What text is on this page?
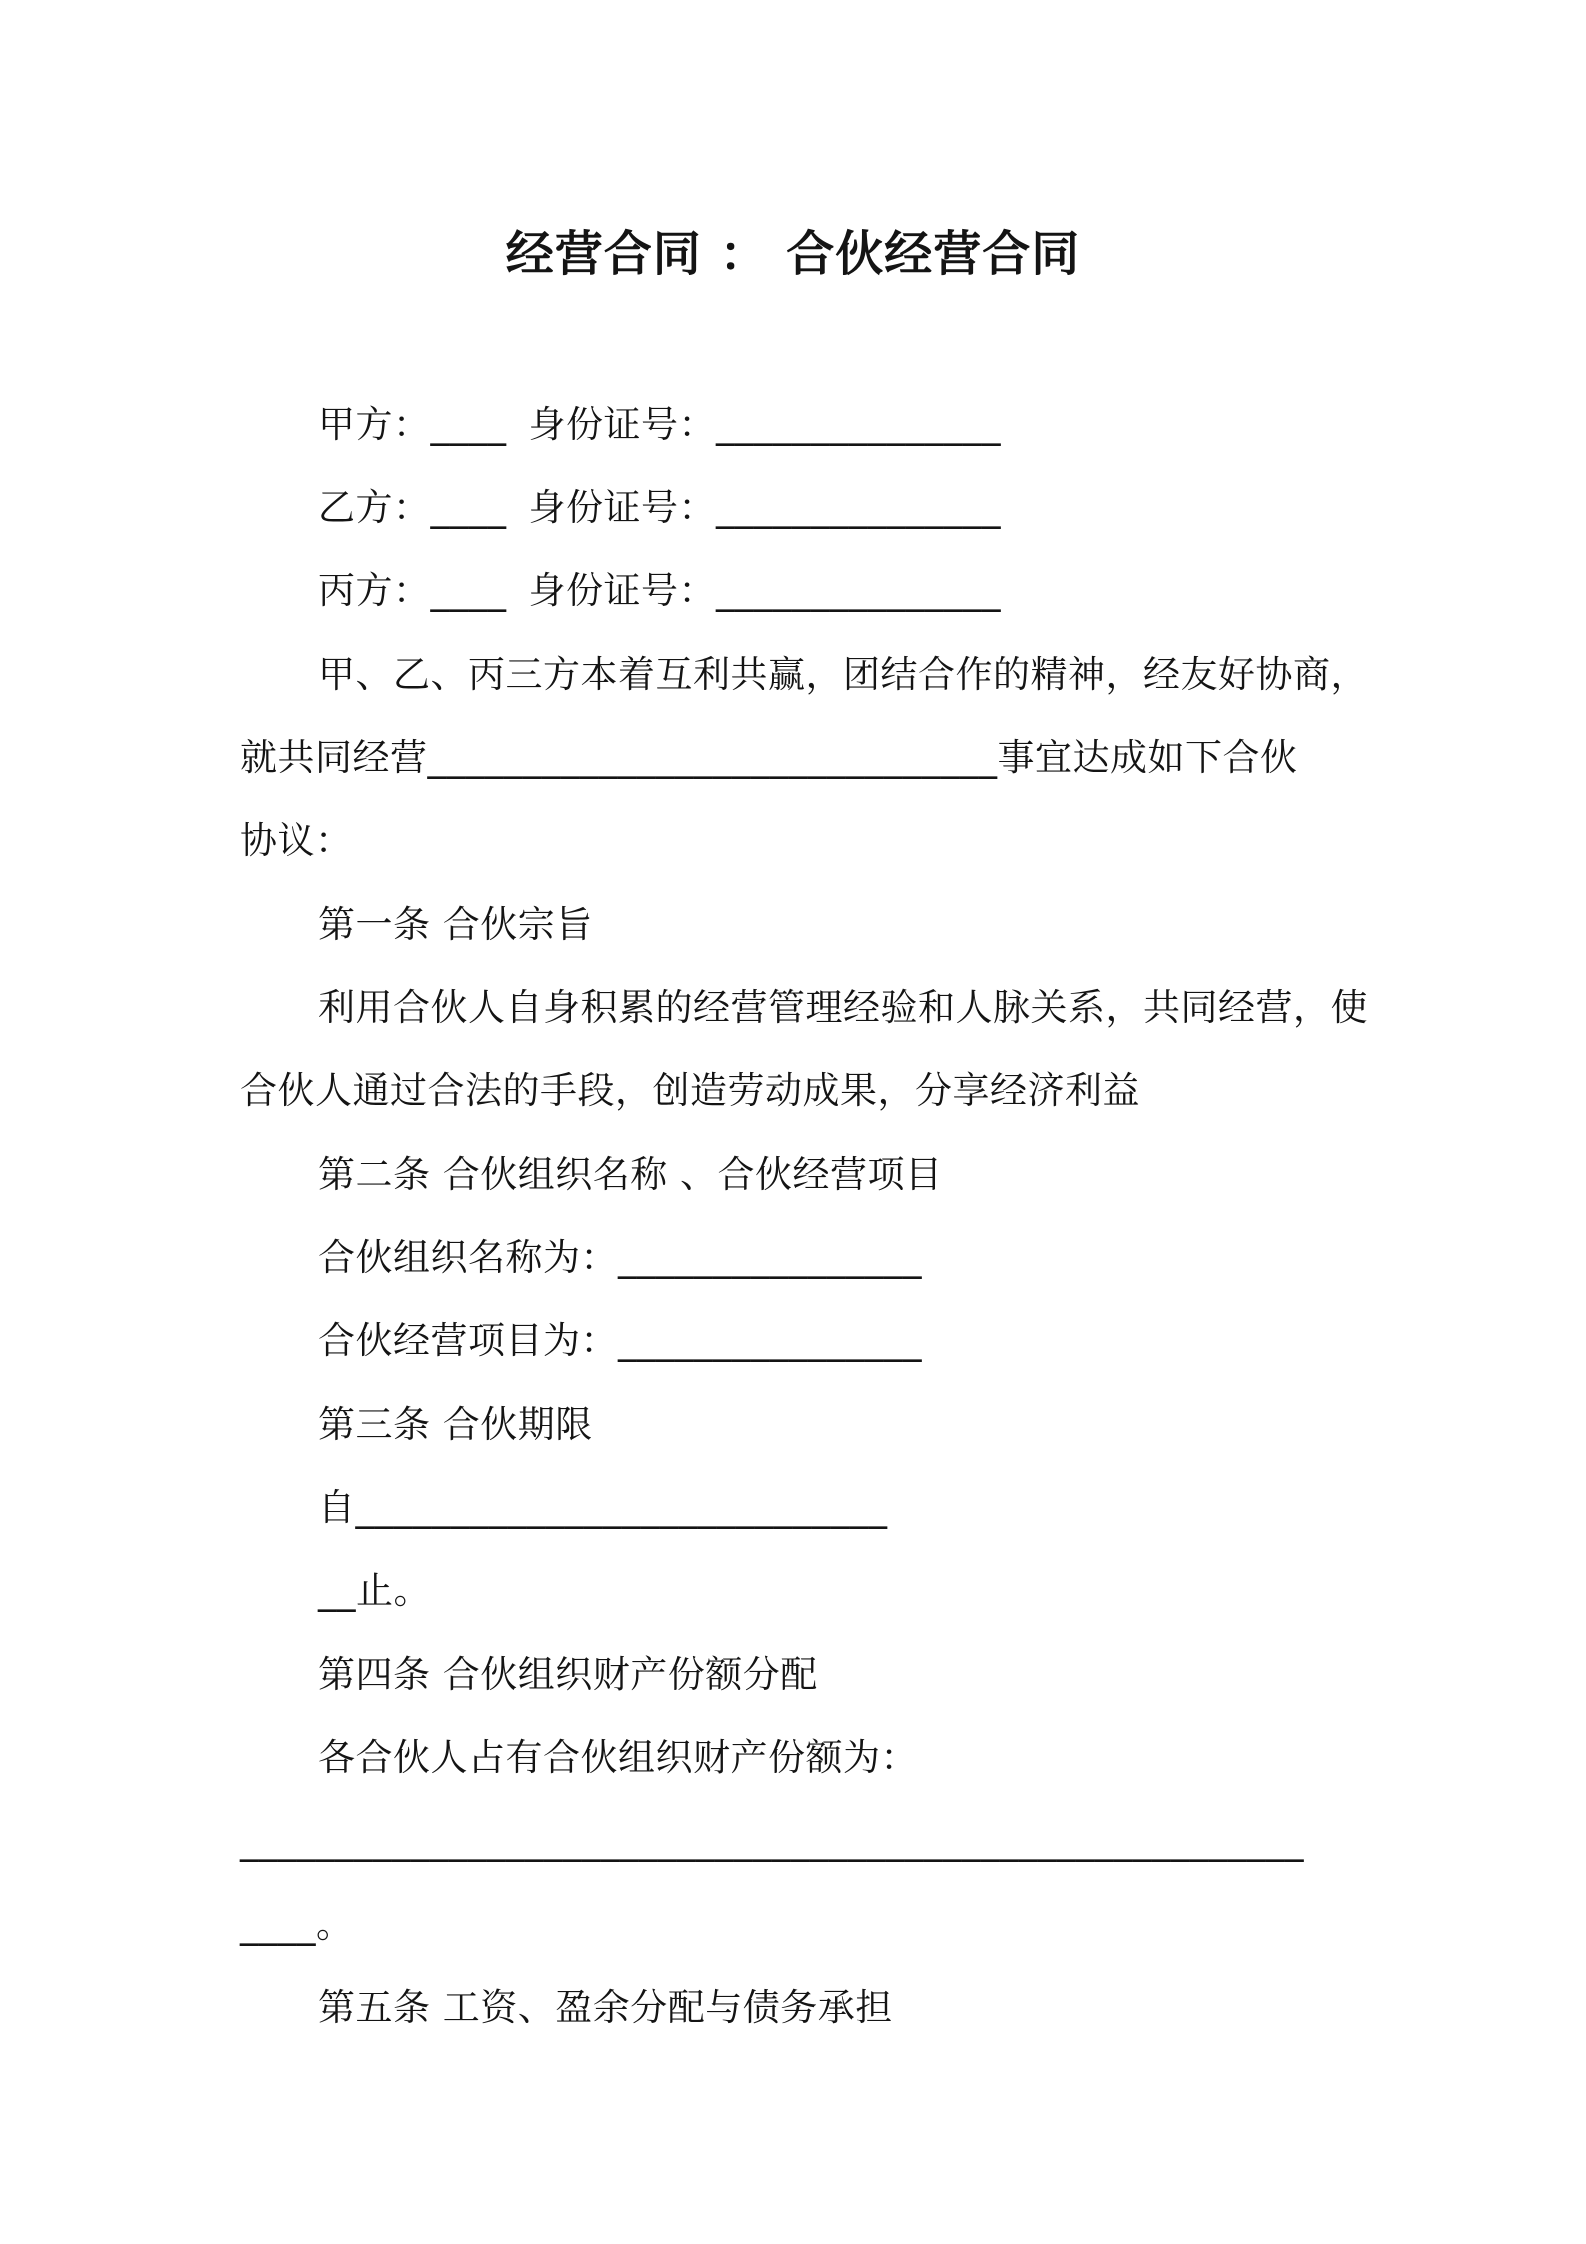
经营合同 ： 合伙经营合同
甲方：____ 身份证号：_______________
乙方：____ 身份证号：_______________
丙方：____ 身份证号：_______________
甲、乙、丙三方本着互利共赢，团结合作的精神，经友好协商，
就共同经营______________________________事宜达成如下合伙
协议：
第一条 合伙宗旨
利用合伙人自身积累的经营管理经验和人脉关系，共同经营，使
合伙人通过合法的手段，创造劳动成果，分享经济利益
第二条 合伙组织名称 、合伙经营项目
合伙组织名称为：________________
合伙经营项目为：________________
第三条 合伙期限
自____________________________
__止。
第四条 合伙组织财产份额分配
各合伙人占有合伙组织财产份额为：
________________________________________________________
____。
第五条 工资、盈余分配与债务承担
